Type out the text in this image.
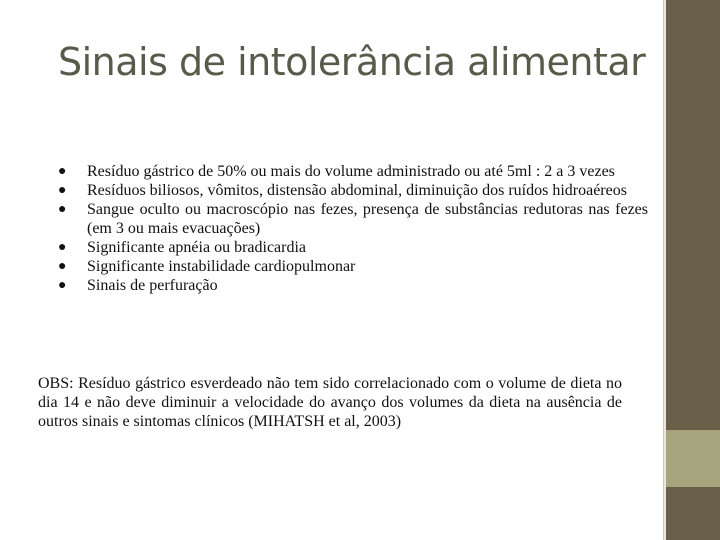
Sinais de intolerância alimentar
● Resíduo gástrico de 50% ou mais do volume administrado ou até 5ml : 2 a 3 vezes
● Resíduos biliosos, vômitos, distensão abdominal, diminuição dos ruídos hidroaéreos
● Sangue oculto ou macroscópio nas fezes, presença de substâncias redutoras nas fezes (em 3 ou mais evacuações)
● Significante apnéia ou bradicardia
● Significante instabilidade cardiopulmonar
● Sinais de perfuração

OBS: Resíduo gástrico esverdeado não tem sido correlacionado com o volume de dieta no dia 14 e não deve diminuir a velocidade do avanço dos volumes da dieta na ausência de outros sinais e sintomas clínicos (MIHATSH et al, 2003)
